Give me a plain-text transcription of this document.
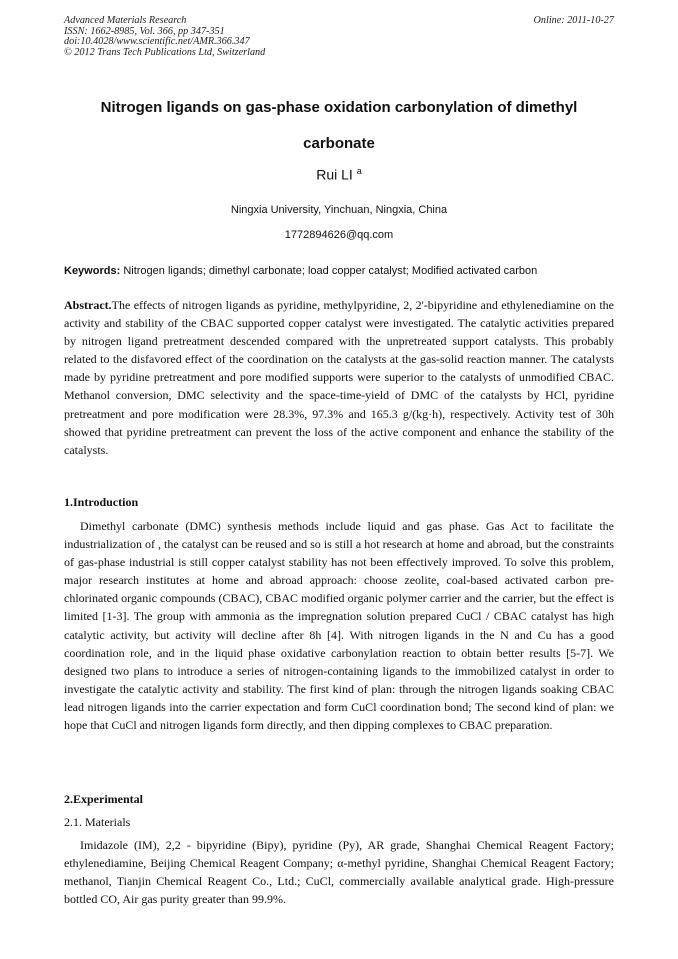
Advanced Materials Research
ISSN: 1662-8985, Vol. 366, pp 347-351
doi:10.4028/www.scientific.net/AMR.366.347
© 2012 Trans Tech Publications Ltd, Switzerland
Online: 2011-10-27
Nitrogen ligands on gas-phase oxidation carbonylation of dimethyl
carbonate
Rui LI $^a$
Ningxia University, Yinchuan, Ningxia, China
1772894626@qq.com
Keywords: Nitrogen ligands; dimethyl carbonate; load copper catalyst; Modified activated carbon

Abstract.The effects of nitrogen ligands as pyridine, methylpyridine, 2, 2'-bipyridine and ethylenediamine on the activity and stability of the CBAC supported copper catalyst were investigated. The catalytic activities prepared by nitrogen ligand pretreatment descended compared with the unpretreated support catalysts. This probably related to the disfavored effect of the coordination on the catalysts at the gas-solid reaction manner. The catalysts made by pyridine pretreatment and pore modified supports were superior to the catalysts of unmodified CBAC. Methanol conversion, DMC selectivity and the space-time-yield of DMC of the catalysts by HCl, pyridine pretreatment and pore modification were 28.3%, 97.3% and 165.3 g/(kg·h), respectively. Activity test of 30h showed that pyridine pretreatment can prevent the loss of the active component and enhance the stability of the catalysts.

1.Introduction

Dimethyl carbonate (DMC) synthesis methods include liquid and gas phase. Gas Act to facilitate the industrialization of , the catalyst can be reused and so is still a hot research at home and abroad, but the constraints of gas-phase industrial is still copper catalyst stability has not been effectively improved. To solve this problem, major research institutes at home and abroad approach: choose zeolite, coal-based activated carbon pre-chlorinated organic compounds (CBAC), CBAC modified organic polymer carrier and the carrier, but the effect is limited [1-3]. The group with ammonia as the impregnation solution prepared CuCl / CBAC catalyst has high catalytic activity, but activity will decline after 8h [4]. With nitrogen ligands in the N and Cu has a good coordination role, and in the liquid phase oxidative carbonylation reaction to obtain better results [5-7]. We designed two plans to introduce a series of nitrogen-containing ligands to the immobilized catalyst in order to investigate the catalytic activity and stability. The first kind of plan: through the nitrogen ligands soaking CBAC lead nitrogen ligands into the carrier expectation and form CuCl coordination bond; The second kind of plan: we hope that CuCl and nitrogen ligands form directly, and then dipping complexes to CBAC preparation.

2.Experimental
2.1. Materials

Imidazole (IM), 2,2 - bipyridine (Bipy), pyridine (Py), AR grade, Shanghai Chemical Reagent Factory; ethylenediamine, Beijing Chemical Reagent Company; α-methyl pyridine, Shanghai Chemical Reagent Factory; methanol, Tianjin Chemical Reagent Co., Ltd.; CuCl, commercially available analytical grade. High-pressure bottled CO, Air gas purity greater than 99.9%.
